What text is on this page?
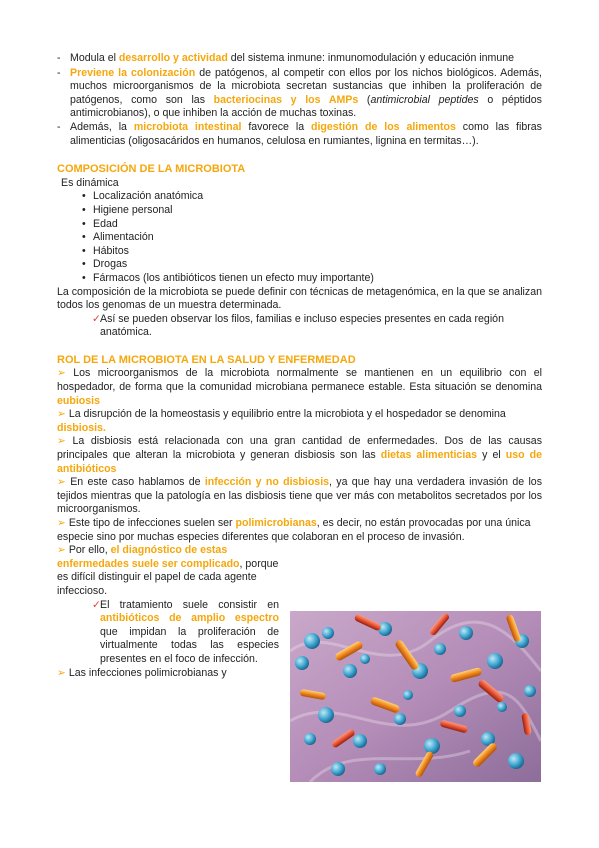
- Modula el desarrollo y actividad del sistema inmune: inmunomodulación y educación inmune
- Previene la colonización de patógenos, al competir con ellos por los nichos biológicos. Además, muchos microorganismos de la microbiota secretan sustancias que inhiben la proliferación de patógenos, como son las bacteriocinas y los AMPs (antimicrobial peptides o péptidos antimicrobianos), o que inhiben la acción de muchas toxinas.
- Además, la microbiota intestinal favorece la digestión de los alimentos como las fibras alimenticias (oligosacáridos en humanos, celulosa en rumiantes, lignina en termitas…).
COMPOSICIÓN DE LA MICROBIOTA
Es dinámica
• Localización anatómica
• Higiene personal
• Edad
• Alimentación
• Hábitos
• Drogas
• Fármacos (los antibióticos tienen un efecto muy importante)
La composición de la microbiota se puede definir con técnicas de metagenómica, en la que se analizan todos los genomas de un muestra determinada.
✓ Así se pueden observar los filos, familias e incluso especies presentes en cada región anatómica.
ROL DE LA MICROBIOTA EN LA SALUD Y ENFERMEDAD
➢ Los microorganismos de la microbiota normalmente se mantienen en un equilibrio con el hospedador, de forma que la comunidad microbiana permanece estable. Esta situación se denomina eubiosis
➢ La disrupción de la homeostasis y equilibrio entre la microbiota y el hospedador se denomina disbiosis.
➢ La disbiosis está relacionada con una gran cantidad de enfermedades. Dos de las causas principales que alteran la microbiota y generan disbiosis son las dietas alimenticias y el uso de antibióticos
➢ En este caso hablamos de infección y no disbiosis, ya que hay una verdadera invasión de los tejidos mientras que la patología en las disbiosis tiene que ver más con metabolitos secretados por los microorganismos.
➢ Este tipo de infecciones suelen ser polimicrobianas, es decir, no están provocadas por una única especie sino por muchas especies diferentes que colaboran en el proceso de invasión.
➢ Por ello, el diagnóstico de estas enfermedades suele ser complicado, porque es difícil distinguir el papel de cada agente infeccioso.
✓ El tratamiento suele consistir en antibióticos de amplio espectro que impidan la proliferación de virtualmente todas las especies presentes en el foco de infección.
➢ Las infecciones polimicrobianas y
